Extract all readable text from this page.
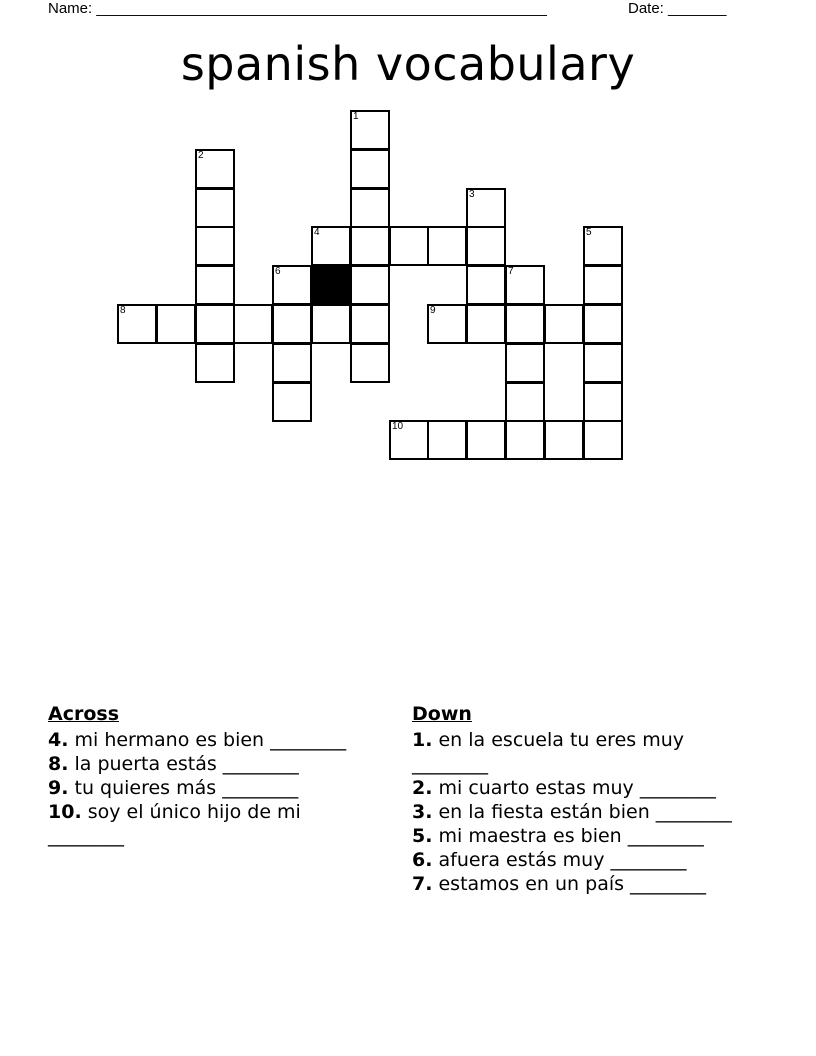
Name: ______________________________________________________	Date: _______
spanish vocabulary
1
2
3
4	5
6	7
8	9
10
Across
4. mi hermano es bien ________
8. la puerta estás ________
9. tu quieres más ________
10. soy el único hijo de mi ________
Down
1. en la escuela tu eres muy ________
2. mi cuarto estas muy ________
3. en la fiesta están bien ________
5. mi maestra es bien ________
6. afuera estás muy ________
7. estamos en un país ________
